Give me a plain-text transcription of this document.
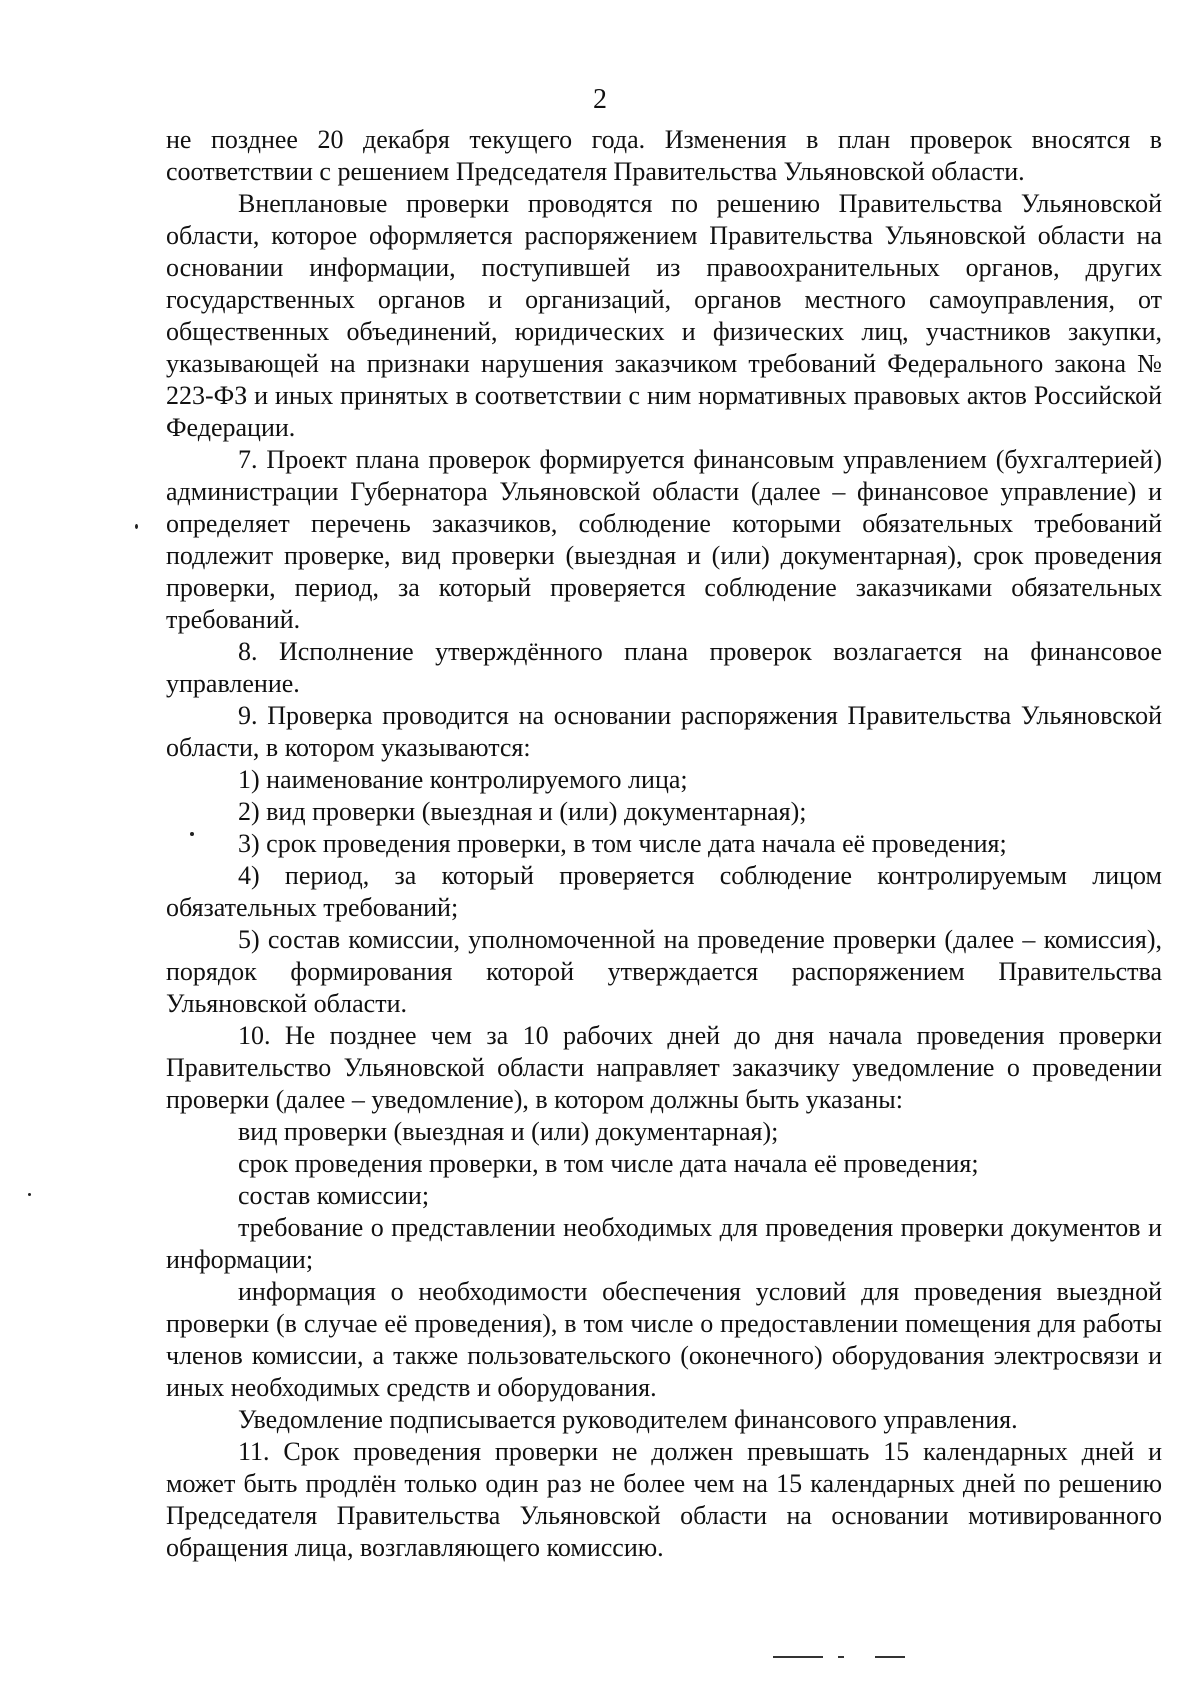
2

не позднее 20 декабря текущего года. Изменения в план проверок вносятся в соответствии с решением Председателя Правительства Ульяновской области.

Внеплановые проверки проводятся по решению Правительства Ульяновской области, которое оформляется распоряжением Правительства Ульяновской области на основании информации, поступившей из правоохранительных органов, других государственных органов и организаций, органов местного самоуправления, от общественных объединений, юридических и физических лиц, участников закупки, указывающей на признаки нарушения заказчиком требований Федерального закона № 223-ФЗ и иных принятых в соответствии с ним нормативных правовых актов Российской Федерации.

7. Проект плана проверок формируется финансовым управлением (бухгалтерией) администрации Губернатора Ульяновской области (далее – финансовое управление) и определяет перечень заказчиков, соблюдение которыми обязательных требований подлежит проверке, вид проверки (выездная и (или) документарная), срок проведения проверки, период, за который проверяется соблюдение заказчиками обязательных требований.

8. Исполнение утверждённого плана проверок возлагается на финансовое управление.

9. Проверка проводится на основании распоряжения Правительства Ульяновской области, в котором указываются:

1) наименование контролируемого лица;

2) вид проверки (выездная и (или) документарная);

3) срок проведения проверки, в том числе дата начала её проведения;

4) период, за который проверяется соблюдение контролируемым лицом обязательных требований;

5) состав комиссии, уполномоченной на проведение проверки (далее – комиссия), порядок формирования которой утверждается распоряжением Правительства Ульяновской области.

10. Не позднее чем за 10 рабочих дней до дня начала проведения проверки Правительство Ульяновской области направляет заказчику уведомление о проведении проверки (далее – уведомление), в котором должны быть указаны:

вид проверки (выездная и (или) документарная);

срок проведения проверки, в том числе дата начала её проведения;

состав комиссии;

требование о представлении необходимых для проведения проверки документов и информации;

информация о необходимости обеспечения условий для проведения выездной проверки (в случае её проведения), в том числе о предоставлении помещения для работы членов комиссии, а также пользовательского (оконечного) оборудования электросвязи и иных необходимых средств и оборудования.

Уведомление подписывается руководителем финансового управления.

11. Срок проведения проверки не должен превышать 15 календарных дней и может быть продлён только один раз не более чем на 15 календарных дней по решению Председателя Правительства Ульяновской области на основании мотивированного обращения лица, возглавляющего комиссию.
